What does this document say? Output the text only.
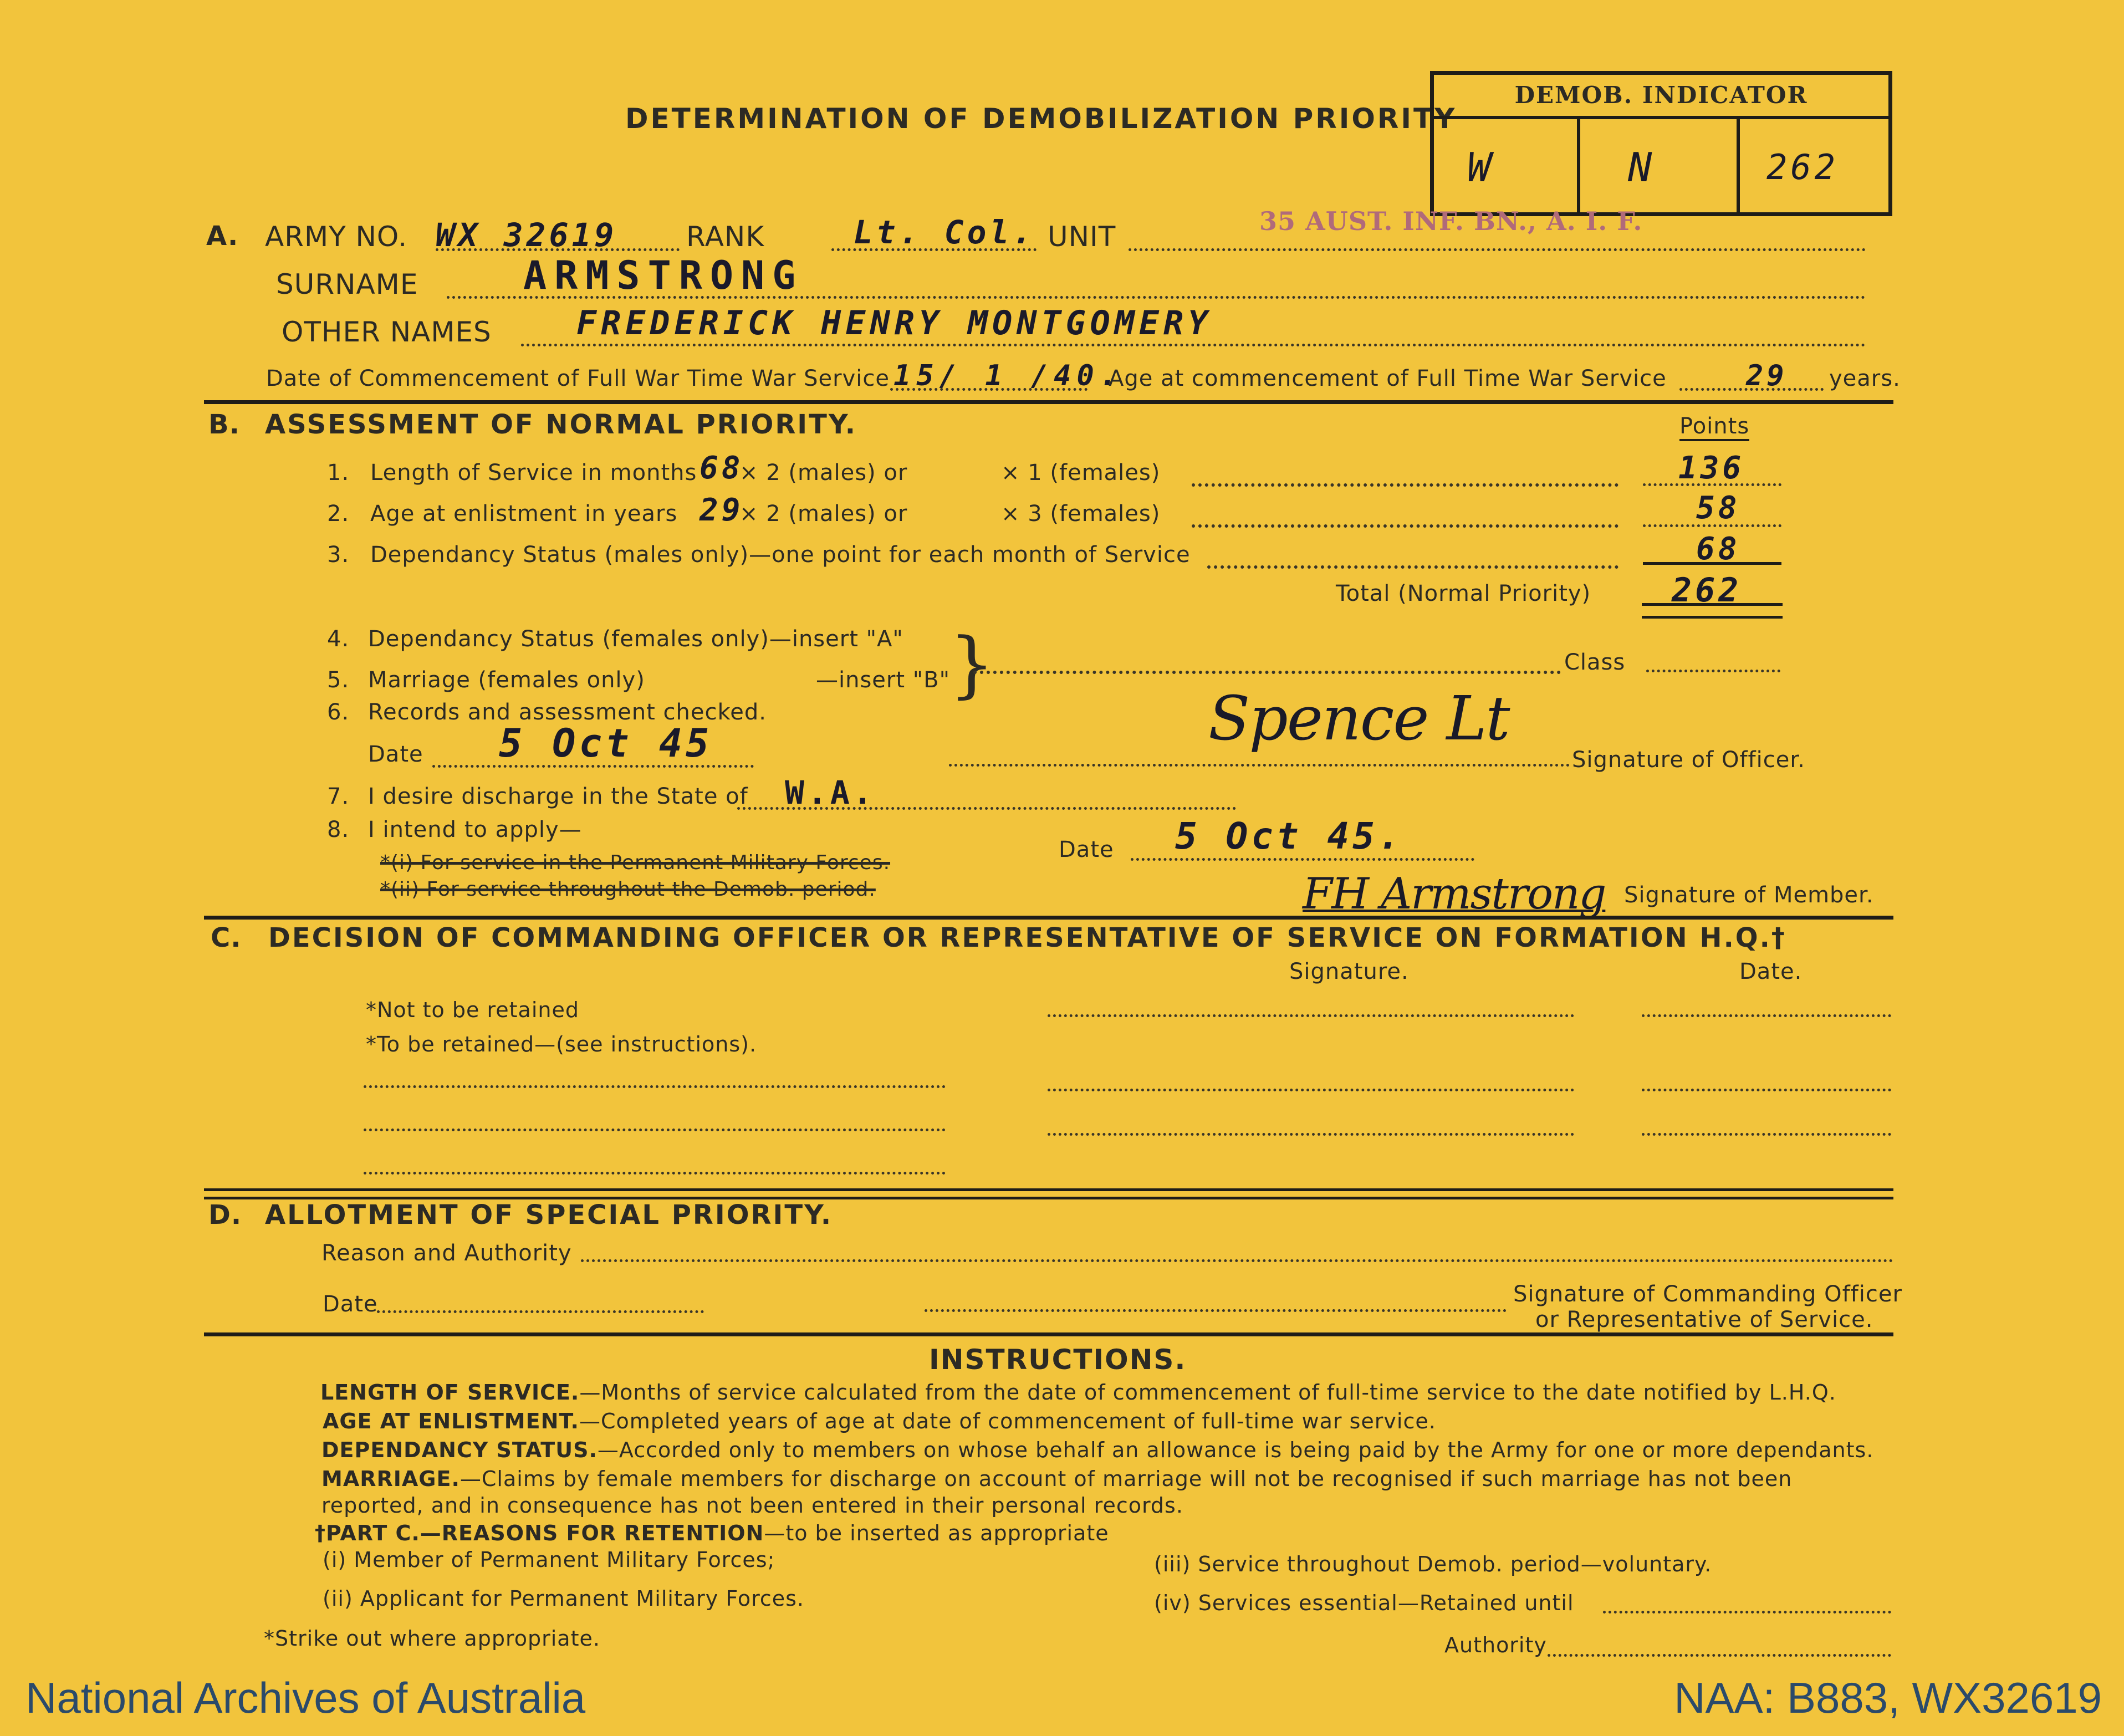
DETERMINATION OF DEMOBILIZATION PRIORITY
DEMOB. INDICATOR
W	N	262
A. ARMY NO. WX 32619 RANK	Lt. Col. UNIT	35 AUST. INF. BN., A. I. F.
SURNAME	ARMSTRONG
OTHER NAMES	FREDERICK HENRY MONTGOMERY
Date of Commencement of Full War Time War Service 15/ 1 /40.
Age at commencement of Full Time War Service	29 years.
B. ASSESSMENT OF NORMAL PRIORITY.	Points
1. Length of Service in months 68
× 2 (males) or	× 1 (females)	136
2. Age at enlistment in years 29
× 2 (males) or	× 3 (females)	58
3. Dependancy Status (males only)—one point for each month of Service	68
Total (Normal Priority) 262
4. Dependancy Status (females only)—insert "A"
5. Marriage (females only)	—insert "B"
}	Class
6. Records and assessment checked.
Date 5 Oct 45	Spence Lt
Signature of Officer.
7. I desire discharge in the State of W.A.
8. I intend to apply—
*(i) For service in the Permanent Military Forces.
*(ii) For service throughout the Demob. period.
Date 5 Oct 45.
FH Armstrong Signature of Member.
C. DECISION OF COMMANDING OFFICER OR REPRESENTATIVE OF SERVICE ON FORMATION H.Q.†
Signature.	Date.
*Not to be retained
*To be retained—(see instructions).
D. ALLOTMENT OF SPECIAL PRIORITY.
Reason and Authority
Date	Signature of Commanding Officer
or Representative of Service.
INSTRUCTIONS.
LENGTH OF SERVICE.—Months of service calculated from the date of commencement of full-time service to the date notified by L.H.Q.
AGE AT ENLISTMENT.—Completed years of age at date of commencement of full-time war service.
DEPENDANCY STATUS.—Accorded only to members on whose behalf an allowance is being paid by the Army for one or more dependants.
MARRIAGE.—Claims by female members for discharge on account of marriage will not be recognised if such marriage has not been
reported, and in consequence has not been entered in their personal records.
†PART C.—REASONS FOR RETENTION—to be inserted as appropriate
(i) Member of Permanent Military Forces;
(ii) Applicant for Permanent Military Forces.
(iii) Service throughout Demob. period—voluntary.
(iv) Services essential—Retained until
Authority
*Strike out where appropriate.
National Archives of Australia	NAA: B883, WX32619
